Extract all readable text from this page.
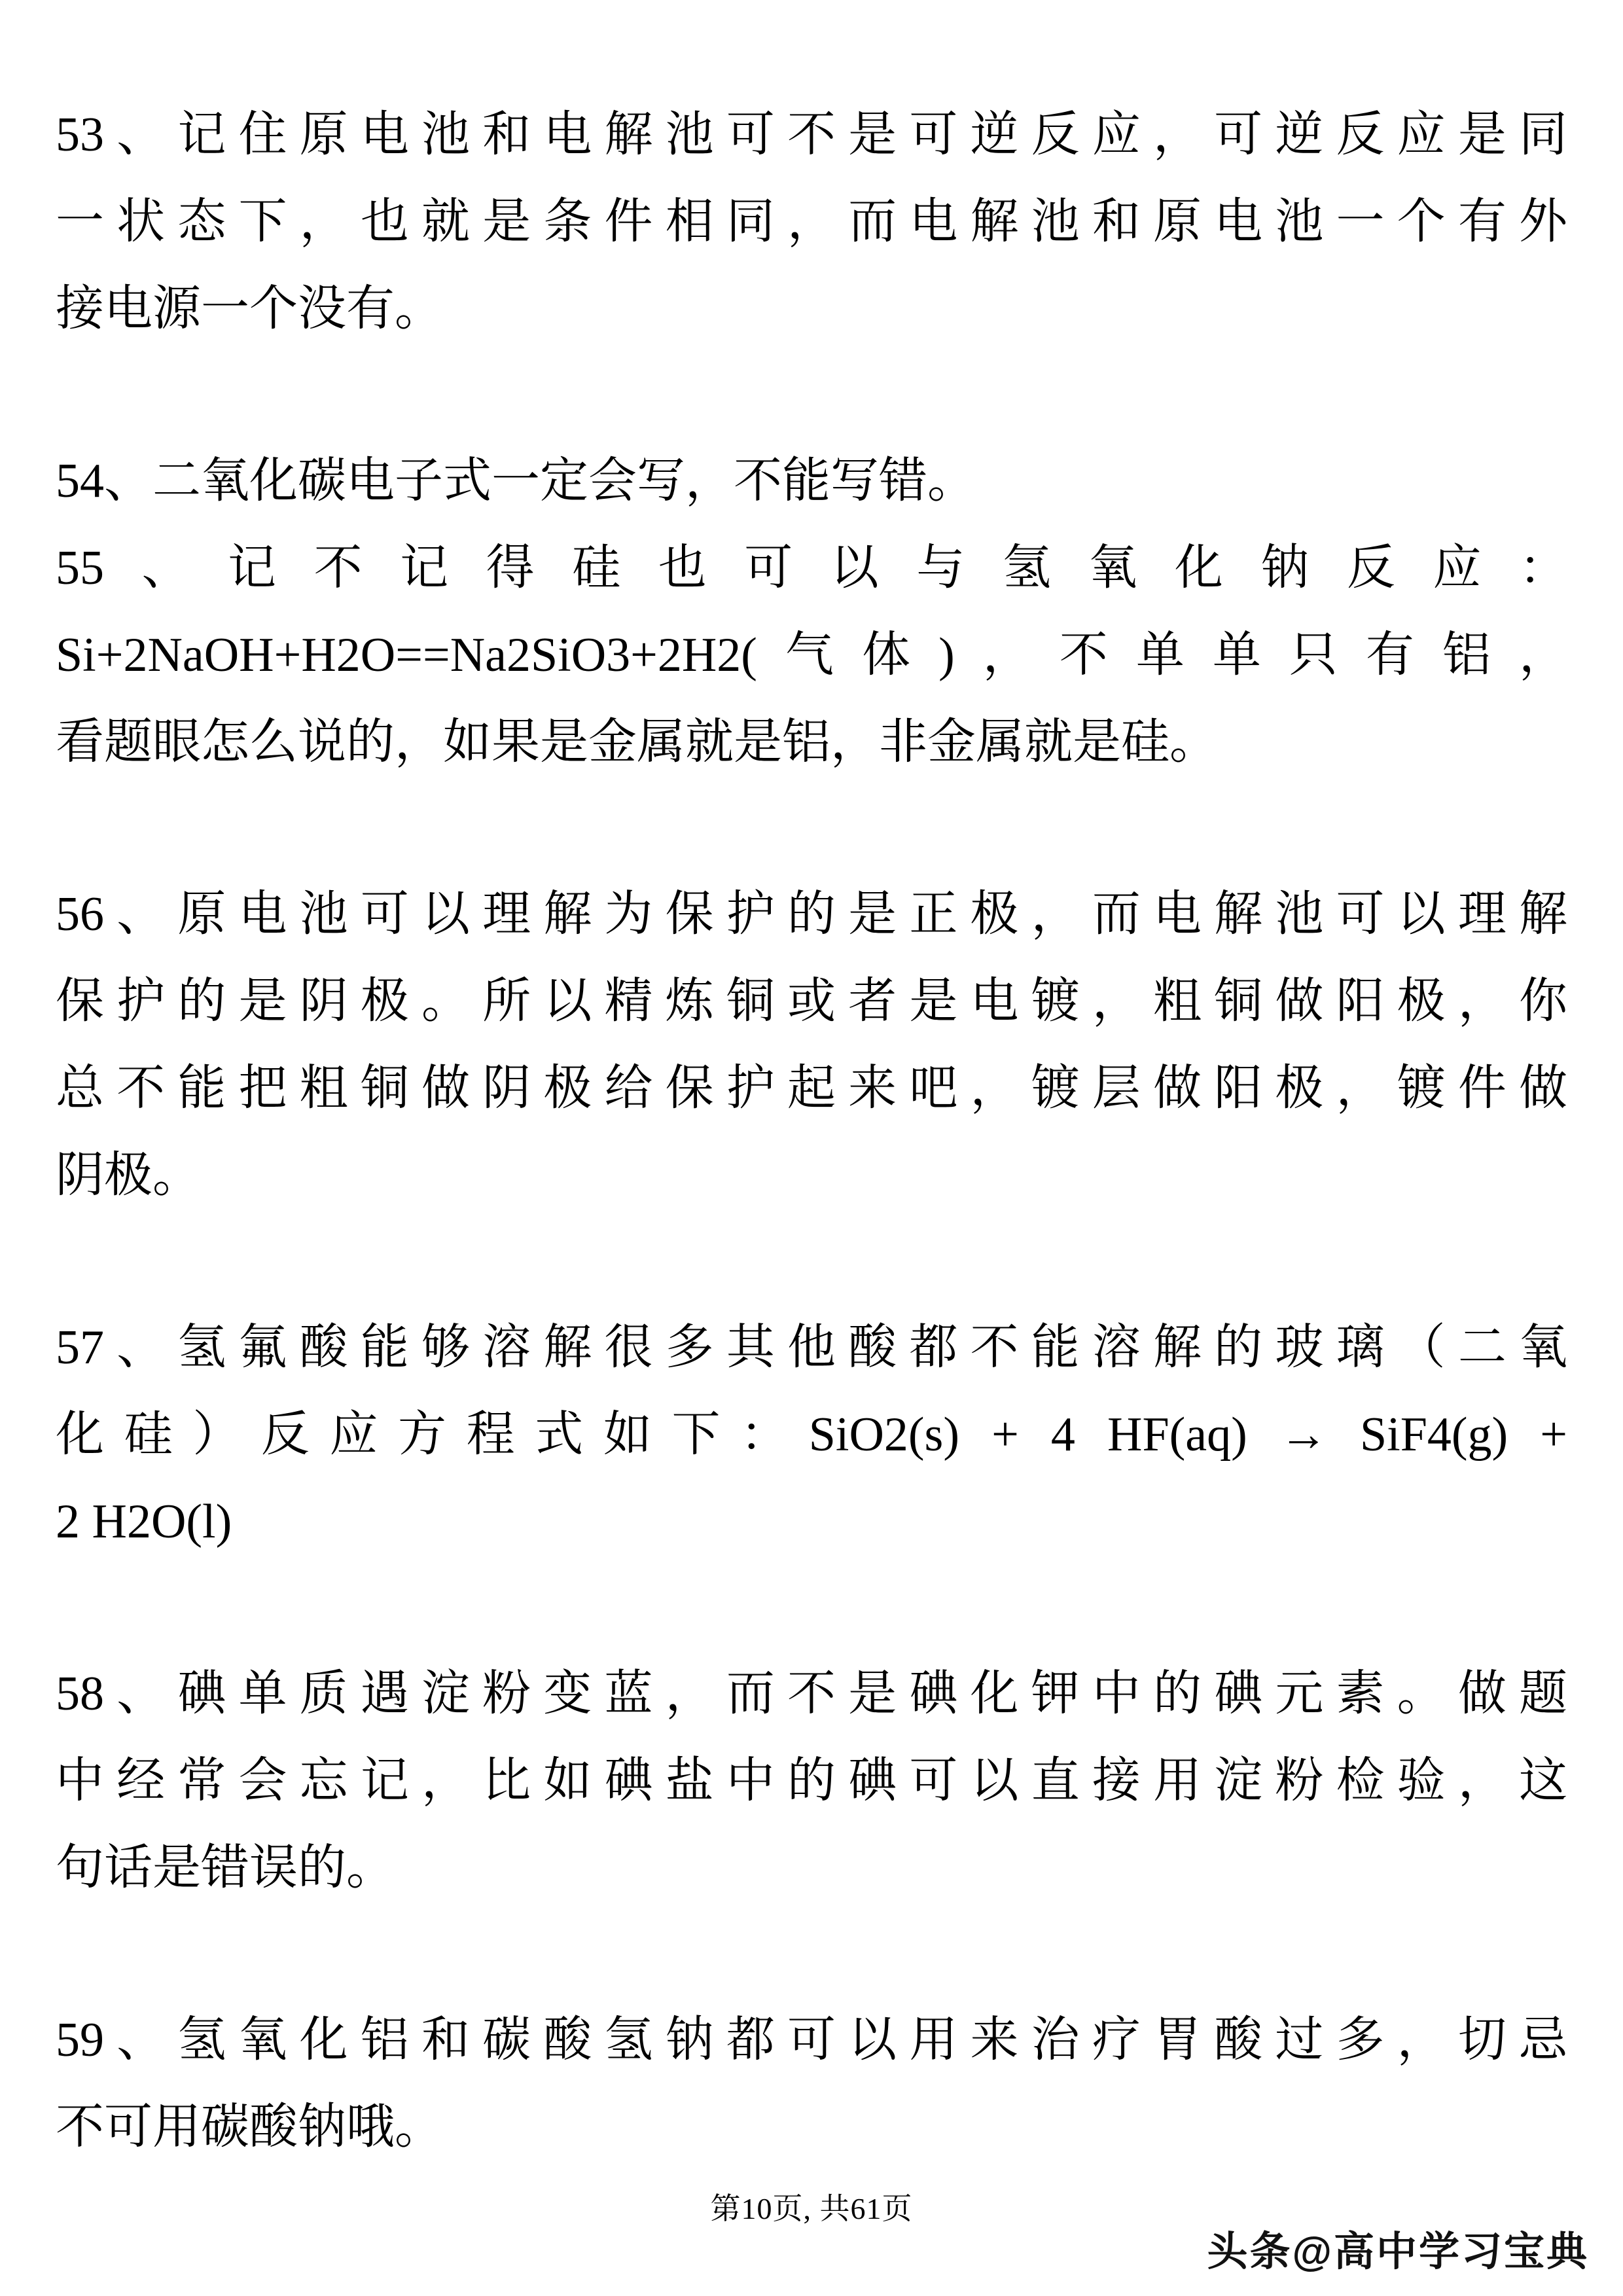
53、记住原电池和电解池可不是可逆反应，可逆反应是同
一状态下，也就是条件相同，而电解池和原电池一个有外
接电源一个没有。
54、二氧化碳电子式一定会写，不能写错。
55、记不记得硅也可以与氢氧化钠反应：
Si+2NaOH+H2O==Na2SiO3+2H2(气体)，不单单只有铝，
看题眼怎么说的，如果是金属就是铝，非金属就是硅。
56、原电池可以理解为保护的是正极，而电解池可以理解
保护的是阴极。所以精炼铜或者是电镀，粗铜做阳极，你
总不能把粗铜做阴极给保护起来吧，镀层做阳极，镀件做
阴极。
57、氢氟酸能够溶解很多其他酸都不能溶解的玻璃（二氧
化硅）反应方程式如下：SiO2(s) + 4 HF(aq) → SiF4(g) +
2 H2O(l)
58、碘单质遇淀粉变蓝，而不是碘化钾中的碘元素。做题
中经常会忘记，比如碘盐中的碘可以直接用淀粉检验，这
句话是错误的。
59、氢氧化铝和碳酸氢钠都可以用来治疗胃酸过多，切忌
不可用碳酸钠哦。
第10页, 共61页
头条@高中学习宝典
